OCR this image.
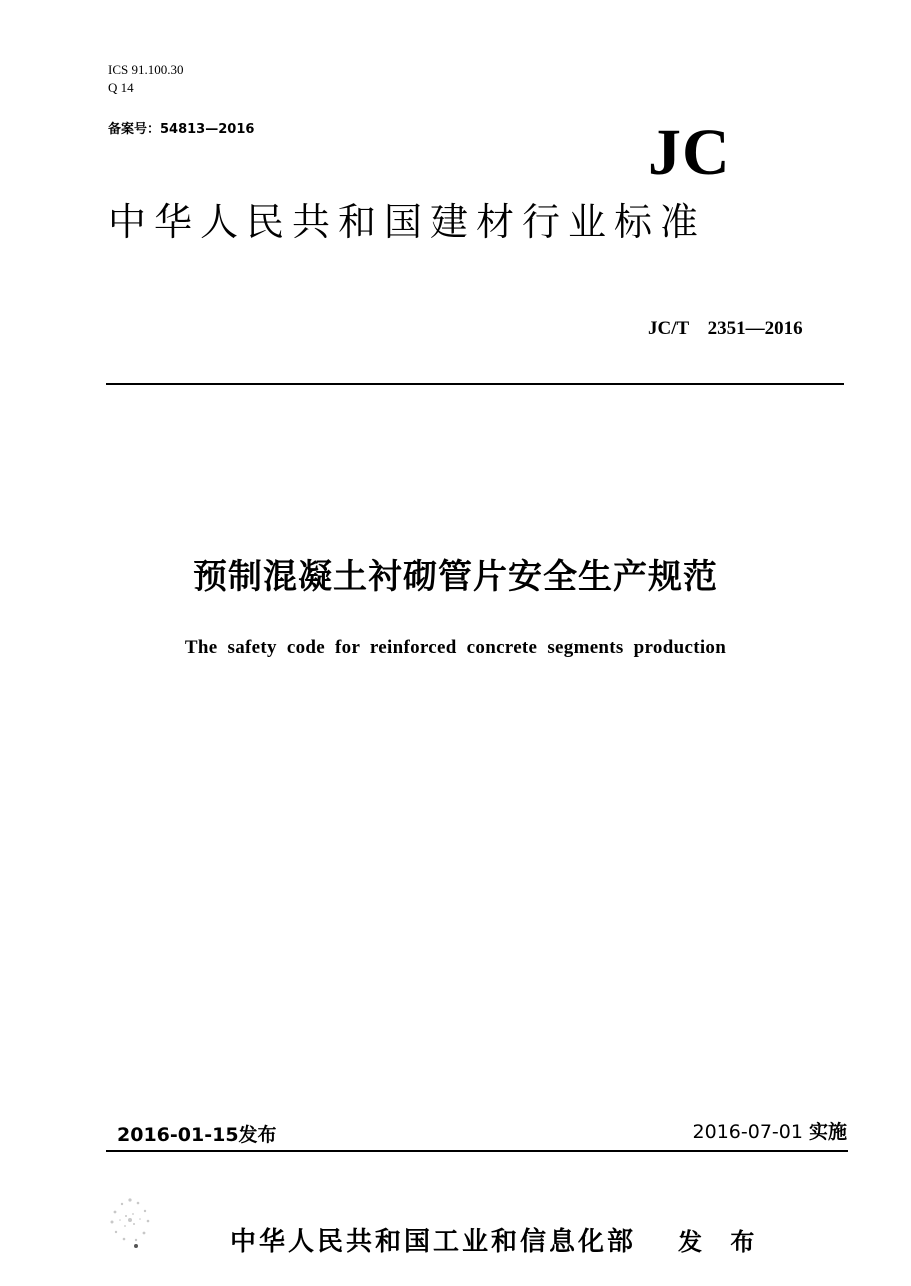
ICS 91.100.30
Q 14
备案号：54813—2016	JC
中华人民共和国建材行业标准
JC/T 2351—2016
预制混凝土衬砌管片安全生产规范
The safety code for reinforced concrete segments production
2016-01-15发布	2016-07-01 实施
中华人民共和国工业和信息化部 发 布
